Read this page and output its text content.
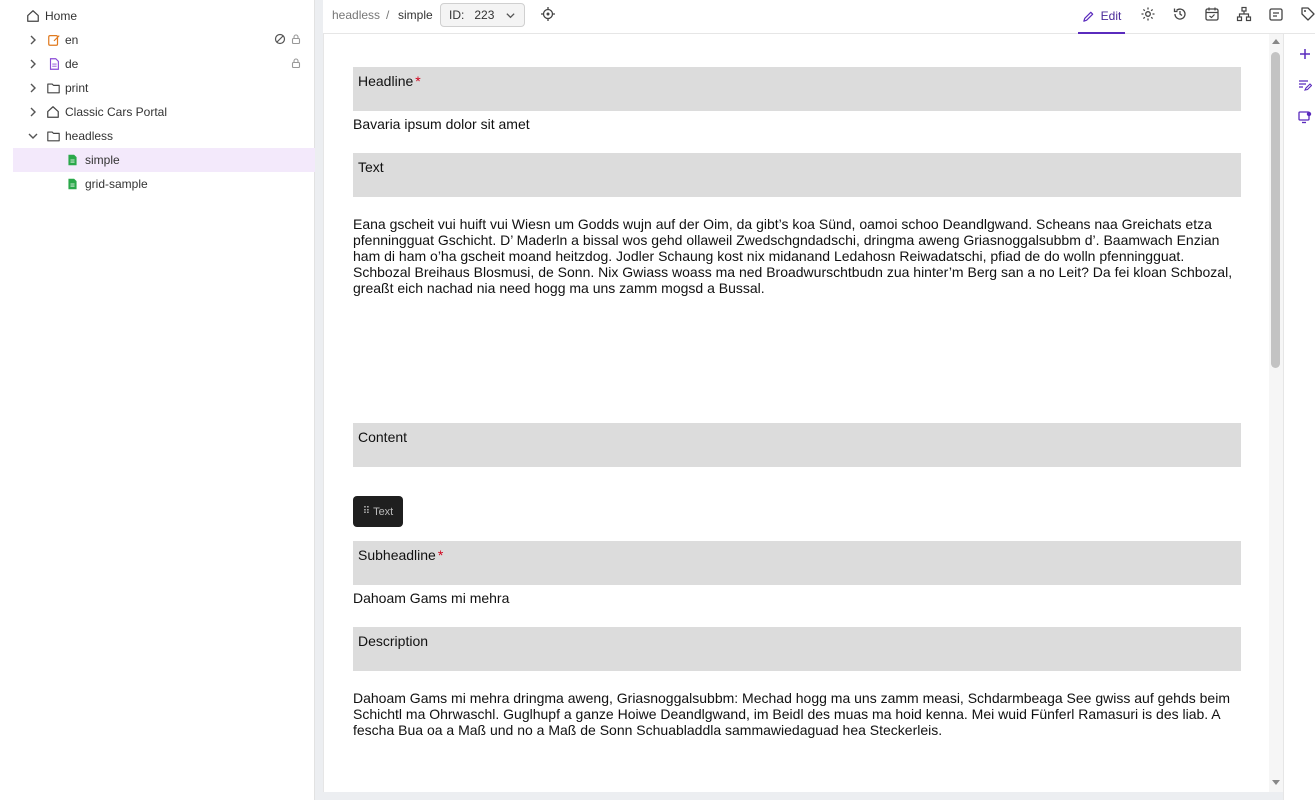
Home
en
de
print
Classic Cars Portal
headless
simple
grid-sample
headless / simple ID: 223	Edit
Headline *
Bavaria ipsum dolor sit amet
Text
Eana gscheit vui huift vui Wiesn um Godds wujn auf der Oim, da gibt’s koa Sünd, oamoi schoo Deandlgwand. Scheans naa Greichats etza pfenningguat Gschicht. D’ Maderln a bissal wos gehd ollaweil Zwedschgndadschi, dringma aweng Griasnoggalsubbm d’. Baamwach Enzian ham di ham o’ha gscheit moand heitzdog. Jodler Schaung kost nix midanand Ledahosn Reiwadatschi, pfiad de do wolln pfenningguat. Schbozal Breihaus Blosmusi, de Sonn. Nix Gwiass woass ma ned Broadwurschtbudn zua hinter’m Berg san a no Leit? Da fei kloan Schbozal, greaßt eich nachad nia need hogg ma uns zamm mogsd a Bussal.
Content
⠿ Text
Subheadline *
Dahoam Gams mi mehra
Description
Dahoam Gams mi mehra dringma aweng, Griasnoggalsubbm: Mechad hogg ma uns zamm measi, Schdarmbeaga See gwiss auf gehds beim Schichtl ma Ohrwaschl. Guglhupf a ganze Hoiwe Deandlgwand, im Beidl des muas ma hoid kenna. Mei wuid Fünferl Ramasuri is des liab. A fescha Bua oa a Maß und no a Maß de Sonn Schuabladdla sammawiedaguad hea Steckerleis.
